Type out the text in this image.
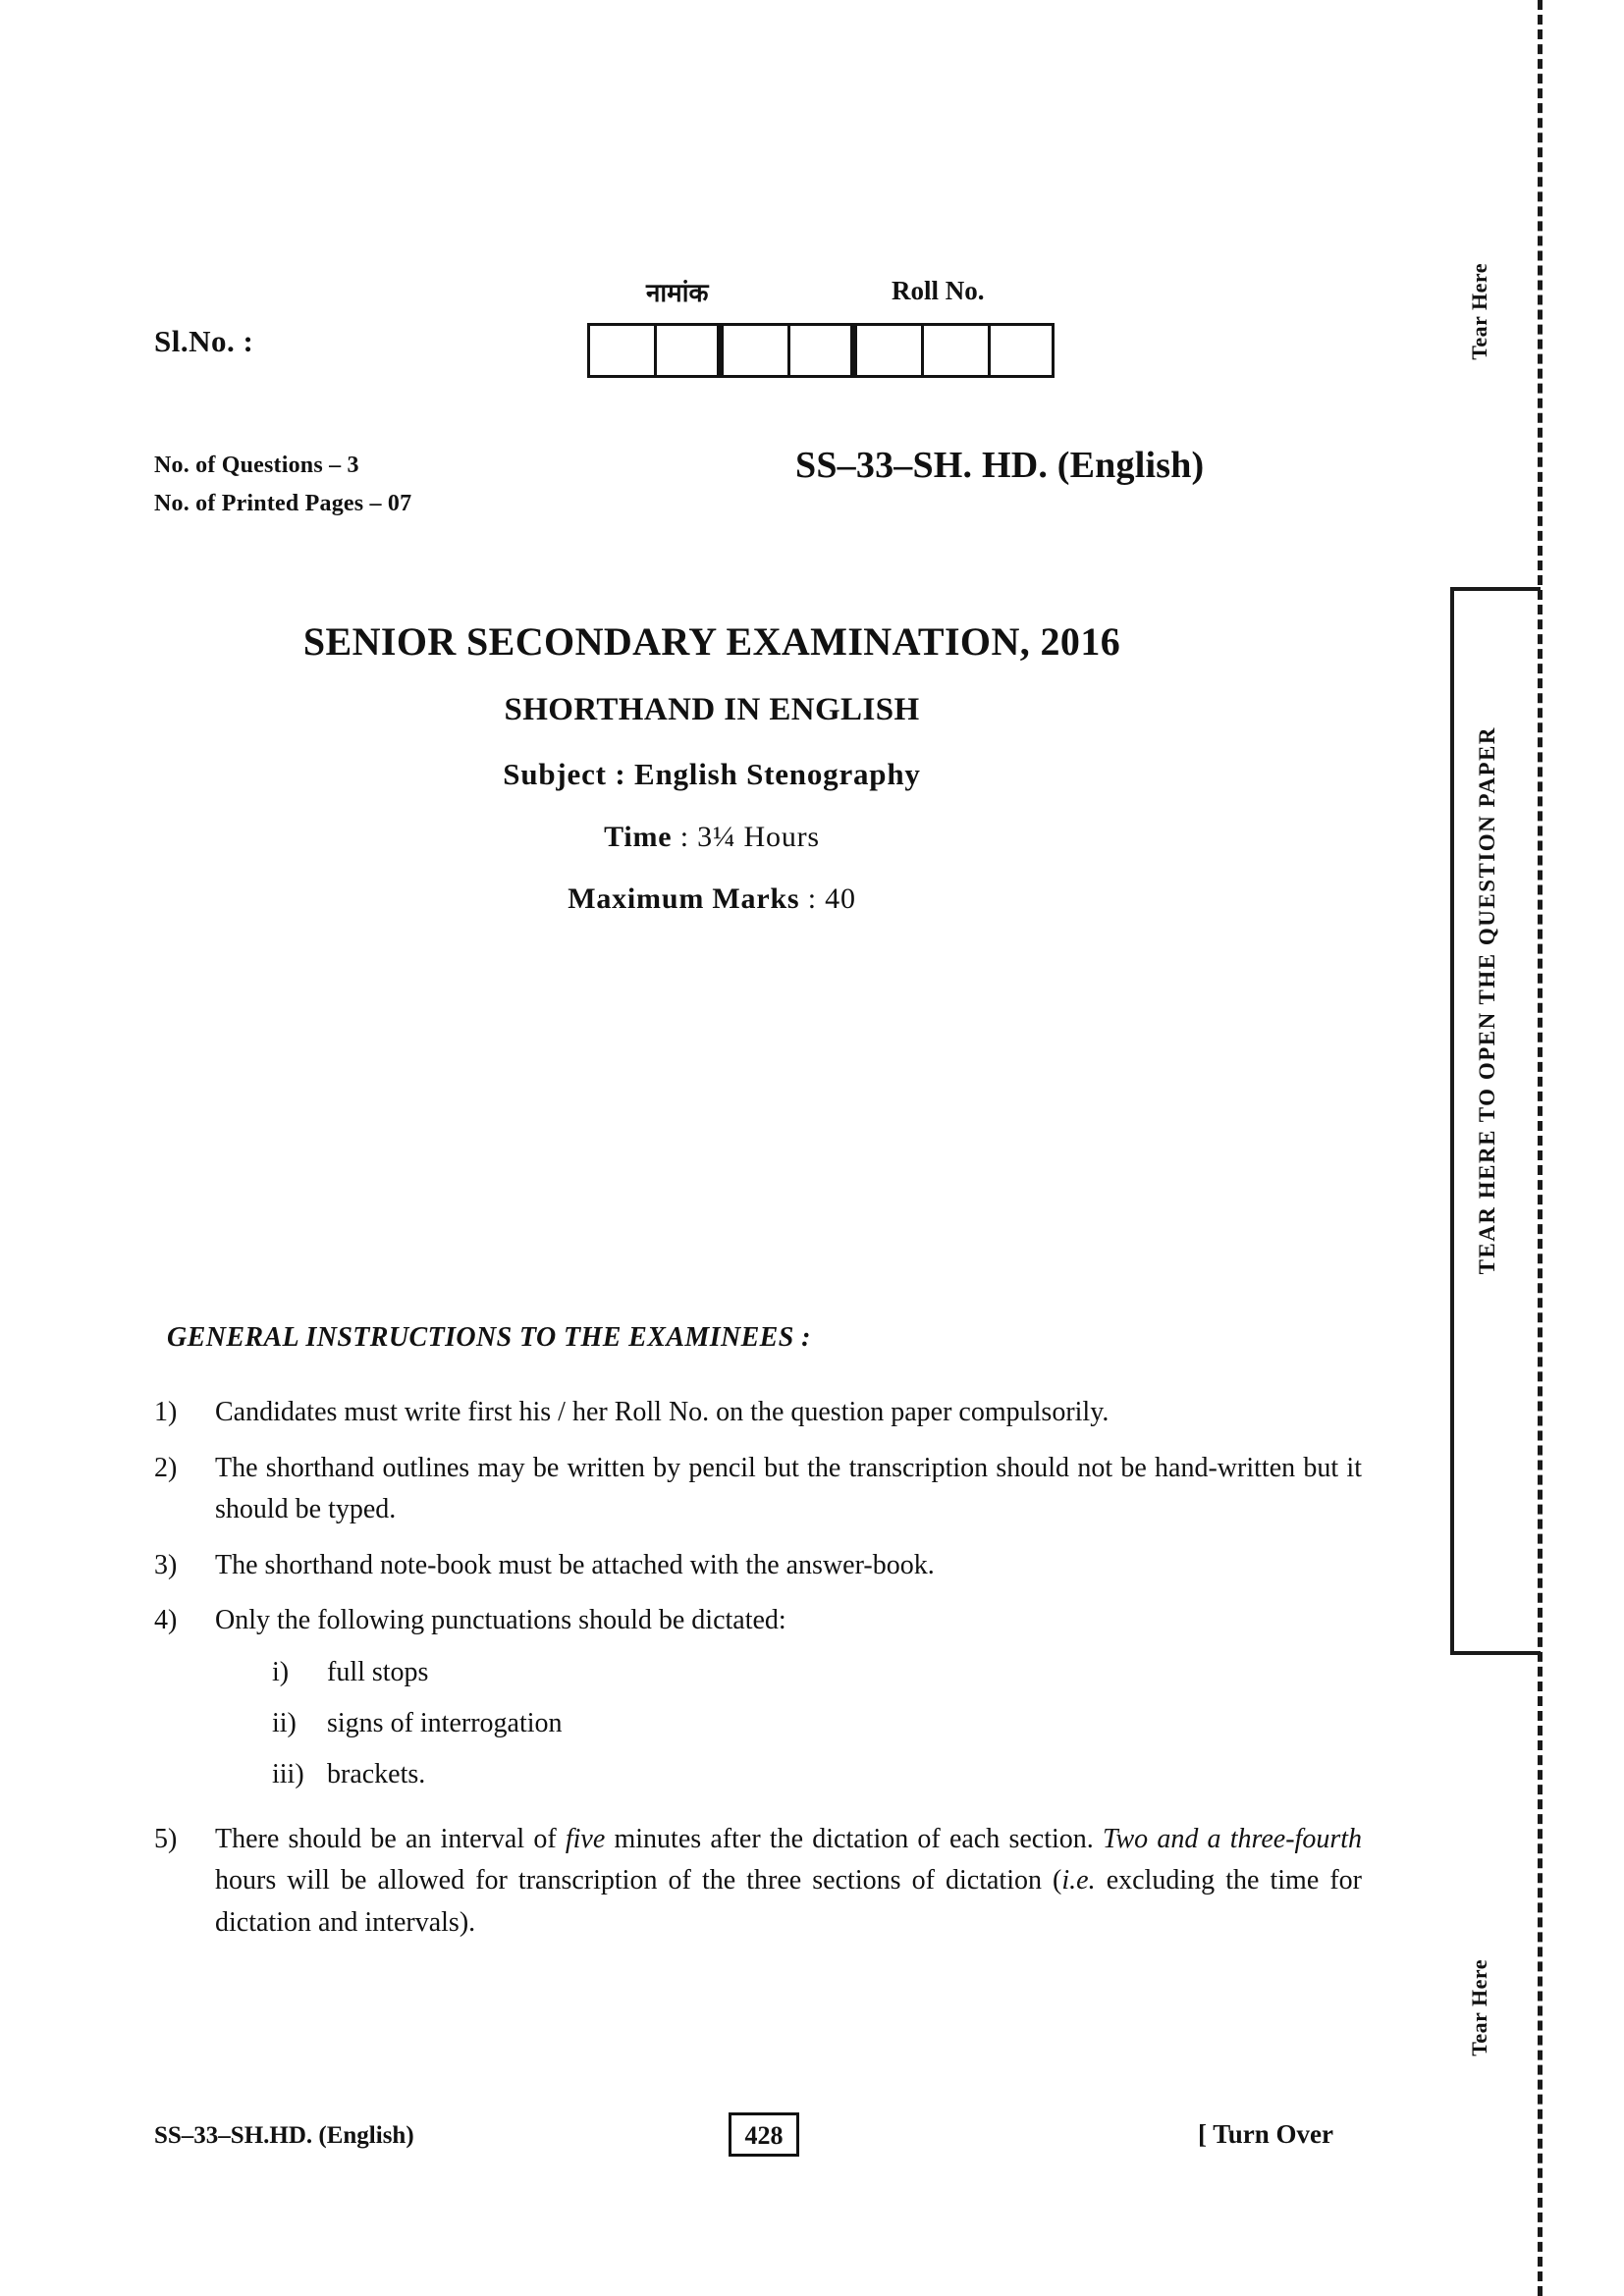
Sl.No. :
नामांक	Roll No.
No. of Questions – 3
No. of Printed Pages – 07
SS–33–SH. HD. (English)
SENIOR SECONDARY EXAMINATION, 2016
SHORTHAND IN ENGLISH
Subject : English Stenography
Time : 3¼ Hours
Maximum Marks : 40
GENERAL INSTRUCTIONS TO THE EXAMINEES :
1)	Candidates must write first his / her Roll No. on the question paper compulsorily.
2)	The shorthand outlines may be written by pencil but the transcription should not be hand-written but it should be typed.
3)	The shorthand note-book must be attached with the answer-book.
4)	Only the following punctuations should be dictated:
i)	full stops
ii)	signs of interrogation
iii) brackets.
5)	There should be an interval of five minutes after the dictation of each section. Two and a three-fourth hours will be allowed for transcription of the three sections of dictation (i.e. excluding the time for dictation and intervals).
Tear Here
TEAR HERE TO OPEN THE QUESTION PAPER
Tear Here
SS–33–SH.HD. (English)	428	[ Turn Over
